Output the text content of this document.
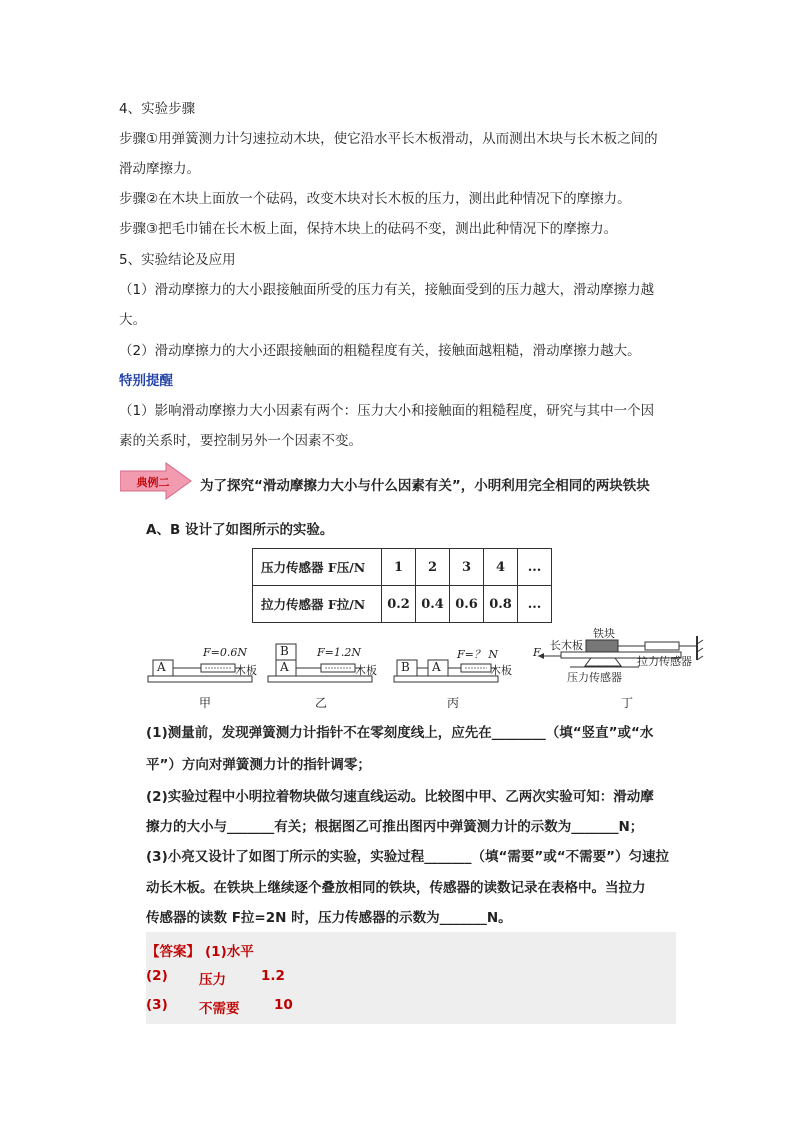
4、实验步骤
步骤①用弹簧测力计匀速拉动木块，使它沿水平长木板滑动，从而测出木块与长木板之间的
滑动摩擦力。
步骤②在木块上面放一个砝码，改变木块对长木板的压力，测出此种情况下的摩擦力。
步骤③把毛巾铺在长木板上面，保持木块上的砝码不变，测出此种情况下的摩擦力。
5、实验结论及应用
（1）滑动摩擦力的大小跟接触面所受的压力有关，接触面受到的压力越大，滑动摩擦力越
大。
（2）滑动摩擦力的大小还跟接触面的粗糙程度有关，接触面越粗糙，滑动摩擦力越大。
特别提醒
（1）影响滑动摩擦力大小因素有两个：压力大小和接触面的粗糙程度，研究与其中一个因
素的关系时，要控制另外一个因素不变。
典例二	为了探究“滑动摩擦力大小与什么因素有关”，小明利用完全相同的两块铁块
A、B 设计了如图所示的实验。
压力传感器 F压/N	1	2	3	4	...
拉力传感器 F拉/N	0.2	0.4	0.6	0.8	...
A
F=0.6N
木板
甲
B
A
F=1.2N
木板
乙
B A
F=？ N
木板
丙
F
铁块
长木板
拉力传感器
压力传感器
丁
(1)测量前，发现弹簧测力计指针不在零刻度线上，应先在________（填“竖直”或“水
平”）方向对弹簧测力计的指针调零；
(2)实验过程中小明拉着物块做匀速直线运动。比较图中甲、乙两次实验可知：滑动摩
擦力的大小与_______有关；根据图乙可推出图丙中弹簧测力计的示数为_______N；
(3)小亮又设计了如图丁所示的实验，实验过程_______（填“需要”或“不需要”）匀速拉
动长木板。在铁块上继续逐个叠放相同的铁块，传感器的读数记录在表格中。当拉力
传感器的读数 F拉=2N 时，压力传感器的示数为_______N。
【答案】 (1)水平
(2) 压力	1.2
(3) 不需要	10
